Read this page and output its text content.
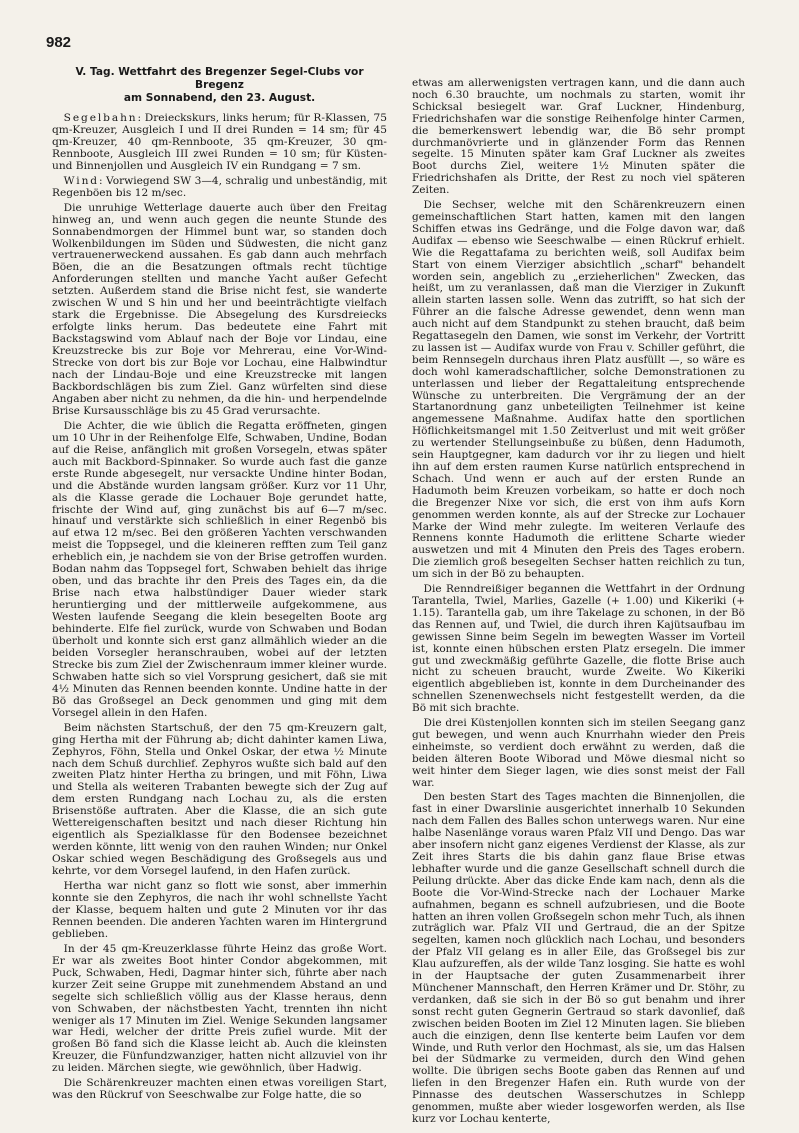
982
V. Tag. Wettfahrt des Bregenzer Segel-Clubs vor Bregenz
am Sonnabend, den 23. August.

Segelbahn: Dreieckskurs, links herum; für R-Klassen, 75 qm-Kreuzer, Ausgleich I und II drei Runden = 14 sm; für 45 qm-Kreuzer, 40 qm-Rennboote, 35 qm-Kreuzer, 30 qm-Rennboote, Ausgleich III zwei Runden = 10 sm; für Küsten- und Binnenjollen und Ausgleich IV ein Rundgang = 7 sm.

Wind: Vorwiegend SW 3—4, schralig und unbeständig, mit Regenböen bis 12 m/sec.

Die unruhige Wetterlage dauerte auch über den Freitag hinweg an, und wenn auch gegen die neunte Stunde des Sonnabendmorgen der Himmel bunt war, so standen doch Wolkenbildungen im Süden und Südwesten, die nicht ganz vertrauenerweckend aussahen. Es gab dann auch mehrfach Böen, die an die Besatzungen oftmals recht tüchtige Anforderungen stellten und manche Yacht außer Gefecht setzten. Außerdem stand die Brise nicht fest, sie wanderte zwischen W und S hin und her und beeinträchtigte vielfach stark die Ergebnisse. Die Absegelung des Kursdreiecks erfolgte links herum. Das bedeutete eine Fahrt mit Backstagswind vom Ablauf nach der Boje vor Lindau, eine Kreuzstrecke bis zur Boje vor Mehrerau, eine Vor-Wind-Strecke von dort bis zur Boje vor Lochau, eine Halbwindtur nach der Lindau-Boje und eine Kreuzstrecke mit langen Backbordschlägen bis zum Ziel. Ganz würfelten sind diese Angaben aber nicht zu nehmen, da die hin- und herpendelnde Brise Kursausschläge bis zu 45 Grad verursachte.

Die Achter, die wie üblich die Regatta eröffneten, gingen um 10 Uhr in der Reihenfolge Elfe, Schwaben, Undine, Bodan auf die Reise, anfänglich mit großen Vorsegeln, etwas später auch mit Backbord-Spinnaker. So wurde auch fast die ganze erste Runde abgesegelt, nur versackte Undine hinter Bodan, und die Abstände wurden langsam größer. Kurz vor 11 Uhr, als die Klasse gerade die Lochauer Boje gerundet hatte, frischte der Wind auf, ging zunächst bis auf 6—7 m/sec. hinauf und verstärkte sich schließlich in einer Regenbö bis auf etwa 12 m/sec. Bei den größeren Yachten verschwanden meist die Toppsegel, und die kleineren refften zum Teil ganz erheblich ein, je nachdem sie von der Brise getroffen wurden. Bodan nahm das Toppsegel fort, Schwaben behielt das ihrige oben, und das brachte ihr den Preis des Tages ein, da die Brise nach etwa halbstündiger Dauer wieder stark heruntierging und der mittlerweile aufgekommene, aus Westen laufende Seegang die klein besegelten Boote arg behinderte. Elfe fiel zurück, wurde von Schwaben und Bodan überholt und konnte sich erst ganz allmählich wieder an die beiden Vorsegler heranschrauben, wobei auf der letzten Strecke bis zum Ziel der Zwischenraum immer kleiner wurde. Schwaben hatte sich so viel Vorsprung gesichert, daß sie mit 4½ Minuten das Rennen beenden konnte. Undine hatte in der Bö das Großsegel an Deck genommen und ging mit dem Vorsegel allein in den Hafen.

Beim nächsten Startschuß, der den 75 qm-Kreuzern galt, ging Hertha mit der Führung ab; dicht dahinter kamen Liwa, Zephyros, Föhn, Stella und Onkel Oskar, der etwa ½ Minute nach dem Schuß durchlief. Zephyros wußte sich bald auf den zweiten Platz hinter Hertha zu bringen, und mit Föhn, Liwa und Stella als weiteren Trabanten bewegte sich der Zug auf dem ersten Rundgang nach Lochau zu, als die ersten Brisenstöße auftraten. Aber die Klasse, die an sich gute Wettereigenschaften besitzt und nach dieser Richtung hin eigentlich als Spezialklasse für den Bodensee bezeichnet werden könnte, litt wenig von den rauhen Winden; nur Onkel Oskar schied wegen Beschädigung des Großsegels aus und kehrte, vor dem Vorsegel laufend, in den Hafen zurück.

Hertha war nicht ganz so flott wie sonst, aber immerhin konnte sie den Zephyros, die nach ihr wohl schnellste Yacht der Klasse, bequem halten und gute 2 Minuten vor ihr das Rennen beenden. Die anderen Yachten waren im Hintergrund geblieben.

In der 45 qm-Kreuzerklasse führte Heinz das große Wort. Er war als zweites Boot hinter Condor abgekommen, mit Puck, Schwaben, Hedi, Dagmar hinter sich, führte aber nach kurzer Zeit seine Gruppe mit zunehmendem Abstand an und segelte sich schließlich völlig aus der Klasse heraus, denn von Schwaben, der nächstbesten Yacht, trennten ihn nicht weniger als 17 Minuten im Ziel. Wenige Sekunden langsamer war Hedi, welcher der dritte Preis zufiel wurde. Mit der großen Bö fand sich die Klasse leicht ab. Auch die kleinsten Kreuzer, die Fünfundzwanziger, hatten nicht allzuviel von ihr zu leiden. Märchen siegte, wie gewöhnlich, über Hadwig.

Die Schärenkreuzer machten einen etwas voreiligen Start, was den Rückruf von Seeschwalbe zur Folge hatte, die so

etwas am allerwenigsten vertragen kann, und die dann auch noch 6.30 brauchte, um nochmals zu starten, womit ihr Schicksal besiegelt war. Graf Luckner, Hindenburg, Friedrichshafen war die sonstige Reihenfolge hinter Carmen, die bemerkenswert lebendig war, die Bö sehr prompt durchmanövrierte und in glänzender Form das Rennen segelte. 15 Minuten später kam Graf Luckner als zweites Boot durchs Ziel, weitere 1½ Minuten später die Friedrichshafen als Dritte, der Rest zu noch viel späteren Zeiten.

Die Sechser, welche mit den Schärenkreuzern einen gemeinschaftlichen Start hatten, kamen mit den langen Schiffen etwas ins Gedränge, und die Folge davon war, daß Audifax — ebenso wie Seeschwalbe — einen Rückruf erhielt. Wie die Regattafama zu berichten weiß, soll Audifax beim Start von einem Vierziger absichtlich „scharf" behandelt worden sein, angeblich zu „erzieherlichen" Zwecken, das heißt, um zu veranlassen, daß man die Vierziger in Zukunft allein starten lassen solle. Wenn das zutrifft, so hat sich der Führer an die falsche Adresse gewendet, denn wenn man auch nicht auf dem Standpunkt zu stehen braucht, daß beim Regattasegeln den Damen, wie sonst im Verkehr, der Vortritt zu lassen ist — Audifax wurde von Frau v. Schiller geführt, die beim Rennsegeln durchaus ihren Platz ausfüllt —, so wäre es doch wohl kameradschaftlicher, solche Demonstrationen zu unterlassen und lieber der Regattaleitung entsprechende Wünsche zu unterbreiten. Die Vergrämung der an der Startanordnung ganz unbeteiligten Teilnehmer ist keine angemessene Maßnahme. Audifax hatte den sportlichen Höflichkeitsmangel mit 1.50 Zeitverlust und mit weit größer zu wertender Stellungseinbuße zu büßen, denn Hadumoth, sein Hauptgegner, kam dadurch vor ihr zu liegen und hielt ihn auf dem ersten raumen Kurse natürlich entsprechend in Schach. Und wenn er auch auf der ersten Runde an Hadumoth beim Kreuzen vorbeikam, so hatte er doch noch die Bregenzer Nixe vor sich, die erst von ihm aufs Korn genommen werden konnte, als auf der Strecke zur Lochauer Marke der Wind mehr zulegte. Im weiteren Verlaufe des Rennens konnte Hadumoth die erlittene Scharte wieder auswetzen und mit 4 Minuten den Preis des Tages erobern. Die ziemlich groß besegelten Sechser hatten reichlich zu tun, um sich in der Bö zu behaupten.

Die Renndreißiger begannen die Wettfahrt in der Ordnung Tarantella, Twiel, Marlies, Gazelle (+ 1.00) und Kikeriki (+ 1.15). Tarantella gab, um ihre Takelage zu schonen, in der Bö das Rennen auf, und Twiel, die durch ihren Kajütsaufbau im gewissen Sinne beim Segeln im bewegten Wasser im Vorteil ist, konnte einen hübschen ersten Platz ersegeln. Die immer gut und zweckmäßig geführte Gazelle, die flotte Brise auch nicht zu scheuen braucht, wurde Zweite. Wo Kikeriki eigentlich abgeblieben ist, konnte in dem Durcheinander des schnellen Szenenwechsels nicht festgestellt werden, da die Bö mit sich brachte.

Die drei Küstenjollen konnten sich im steilen Seegang ganz gut bewegen, und wenn auch Knurrhahn wieder den Preis einheimste, so verdient doch erwähnt zu werden, daß die beiden älteren Boote Wiborad und Möwe diesmal nicht so weit hinter dem Sieger lagen, wie dies sonst meist der Fall war.

Den besten Start des Tages machten die Binnenjollen, die fast in einer Dwarslinie ausgerichtet innerhalb 10 Sekunden nach dem Fallen des Balles schon unterwegs waren. Nur eine halbe Nasenlänge voraus waren Pfalz VII und Dengo. Das war aber insofern nicht ganz eigenes Verdienst der Klasse, als zur Zeit ihres Starts die bis dahin ganz flaue Brise etwas lebhafter wurde und die ganze Gesellschaft schnell durch die Peilung drückte. Aber das dicke Ende kam nach, denn als die Boote die Vor-Wind-Strecke nach der Lochauer Marke aufnahmen, begann es schnell aufzubriesen, und die Boote hatten an ihren vollen Großsegeln schon mehr Tuch, als ihnen zuträglich war. Pfalz VII und Gertraud, die an der Spitze segelten, kamen noch glücklich nach Lochau, und besonders der Pfalz VII gelang es in aller Eile, das Großsegel bis zur Klau aufzureffen, als der wilde Tanz losging. Sie hatte es wohl in der Hauptsache der guten Zusammenarbeit ihrer Münchener Mannschaft, den Herren Krämer und Dr. Stöhr, zu verdanken, daß sie sich in der Bö so gut benahm und ihrer sonst recht guten Gegnerin Gertraud so stark davonlief, daß zwischen beiden Booten im Ziel 12 Minuten lagen. Sie blieben auch die einzigen, denn Ilse kenterte beim Laufen vor dem Winde, und Ruth verlor den Hochmast, als sie, um das Halsen bei der Südmarke zu vermeiden, durch den Wind gehen wollte. Die übrigen sechs Boote gaben das Rennen auf und liefen in den Bregenzer Hafen ein. Ruth wurde von der Pinnasse des deutschen Wasserschutzes in Schlepp genommen, mußte aber wieder losgeworfen werden, als Ilse kurz vor Lochau kenterte,
